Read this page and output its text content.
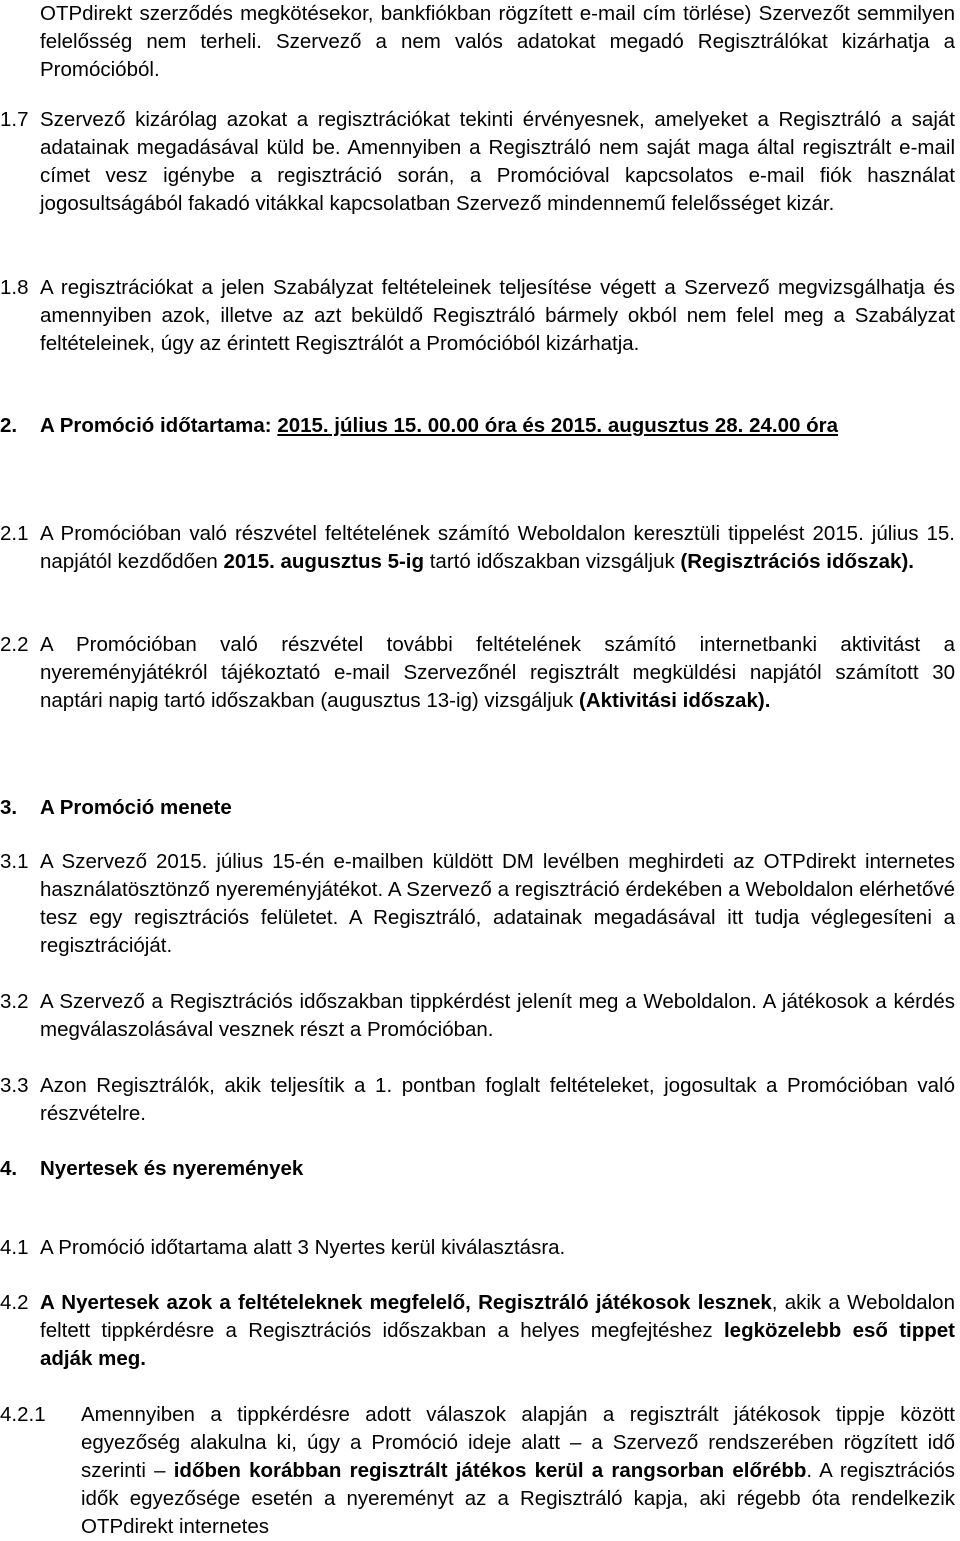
OTPdirekt szerződés megkötésekor, bankfiókban rögzített e-mail cím törlése) Szervezőt semmilyen felelősség nem terheli. Szervező a nem valós adatokat megadó Regisztrálókat kizárhatja a Promócióból.

1.7 Szervező kizárólag azokat a regisztrációkat tekinti érvényesnek, amelyeket a Regisztráló a saját adatainak megadásával küld be. Amennyiben a Regisztráló nem saját maga által regisztrált e-mail címet vesz igénybe a regisztráció során, a Promócióval kapcsolatos e-mail fiók használat jogosultságából fakadó vitákkal kapcsolatban Szervező mindennemű felelősséget kizár.

1.8 A regisztrációkat a jelen Szabályzat feltételeinek teljesítése végett a Szervező megvizsgálhatja és amennyiben azok, illetve az azt beküldő Regisztráló bármely okból nem felel meg a Szabályzat feltételeinek, úgy az érintett Regisztrálót a Promócióból kizárhatja.

2. A Promóció időtartama: 2015. július 15. 00.00 óra és 2015. augusztus 28. 24.00 óra

2.1 A Promócióban való részvétel feltételének számító Weboldalon keresztüli tippelést 2015. július 15. napjától kezdődően 2015. augusztus 5-ig tartó időszakban vizsgáljuk (Regisztrációs időszak).

2.2 A Promócióban való részvétel további feltételének számító internetbanki aktivitást a nyereményjátékról tájékoztató e-mail Szervezőnél regisztrált megküldési napjától számított 30 naptári napig tartó időszakban (augusztus 13-ig) vizsgáljuk (Aktivitási időszak).

3. A Promóció menete

3.1 A Szervező 2015. július 15-én e-mailben küldött DM levélben meghirdeti az OTPdirekt internetes használatösztönző nyereményjátékot. A Szervező a regisztráció érdekében a Weboldalon elérhetővé tesz egy regisztrációs felületet. A Regisztráló, adatainak megadásával itt tudja véglegesíteni a regisztrációját.

3.2 A Szervező a Regisztrációs időszakban tippkérdést jelenít meg a Weboldalon. A játékosok a kérdés megválaszolásával vesznek részt a Promócióban.

3.3 Azon Regisztrálók, akik teljesítik a 1. pontban foglalt feltételeket, jogosultak a Promócióban való részvételre.

4. Nyertesek és nyeremények

4.1 A Promóció időtartama alatt 3 Nyertes kerül kiválasztásra.

4.2 A Nyertesek azok a feltételeknek megfelelő, Regisztráló játékosok lesznek, akik a Weboldalon feltett tippkérdésre a Regisztrációs időszakban a helyes megfejtéshez legközelebb eső tippet adják meg.

4.2.1 Amennyiben a tippkérdésre adott válaszok alapján a regisztrált játékosok tippje között egyezőség alakulna ki, úgy a Promóció ideje alatt – a Szervező rendszerében rögzített idő szerinti – időben korábban regisztrált játékos kerül a rangsorban előrébb. A regisztrációs idők egyezősége esetén a nyereményt az a Regisztráló kapja, aki régebb óta rendelkezik OTPdirekt internetes
